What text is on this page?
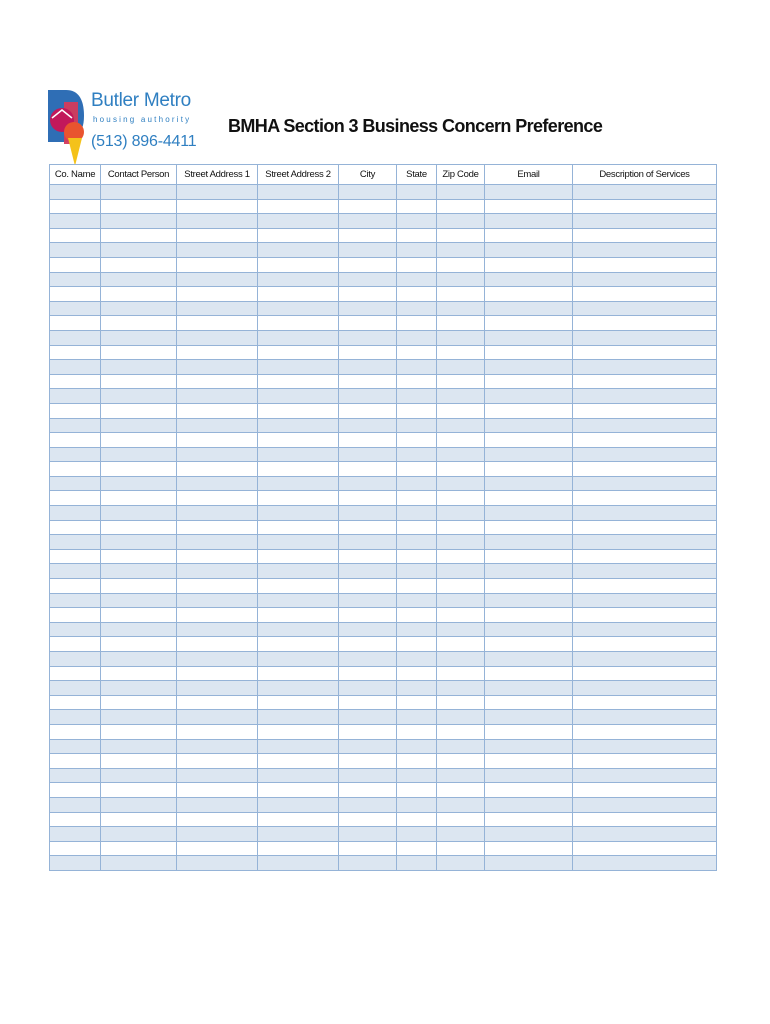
Butler Metro
housing authority
(513) 896-4411
BMHA Section 3 Business Concern Preference
Co. Name	Contact Person	Street Address 1	Street Address 2	City	State	Zip Code	Email	Description of Services
